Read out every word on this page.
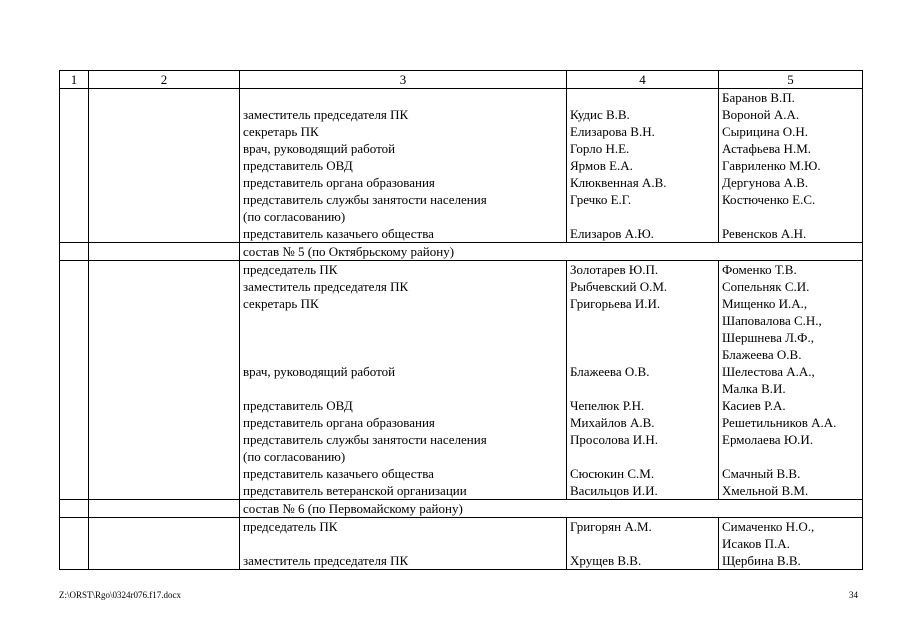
1	2	3	4	5

				Баранов В.П.

		заместитель председателя ПК	Кудис В.В.	Вороной А.А.

		секретарь ПК	Елизарова В.Н.	Сырицина О.Н.

		врач, руководящий работой	Горло Н.Е.	Астафьева Н.М.

		представитель ОВД	Ярмов Е.А.	Гавриленко М.Ю.

		представитель органа образования	Клюквенная А.В.	Дергунова А.В.

		представитель службы занятости населения
(по согласованию)	Гречко Е.Г.	Костюченко Е.С.

		представитель казачьего общества	Елизаров А.Ю.	Ревенсков А.Н.

		состав № 5 (по Октябрьскому району)		

		председатель ПК	Золотарев Ю.П.	Фоменко Т.В.

		заместитель председателя ПК	Рыбчевский О.М.	Сопельняк С.И.

		секретарь ПК	Григорьева И.И.	Мищенко И.А.,
Шаповалова С.Н.,
Шершнева Л.Ф.,
Блажеева О.В.

		врач, руководящий работой	Блажеева О.В.	Шелестова А.А.,
Малка В.И.

		представитель ОВД	Чепелюк Р.Н.	Касиев Р.А.

		представитель органа образования	Михайлов А.В.	Решетильников А.А.

		представитель службы занятости населения
(по согласованию)	Просолова И.Н.	Ермолаева Ю.И.

		представитель казачьего общества	Сюсюкин С.М.	Смачный В.В.

		представитель ветеранской организации	Васильцов И.И.	Хмельной В.М.

		состав № 6 (по Первомайскому району)		

		председатель ПК	Григорян А.М.	Симаченко Н.О.,
Исаков П.А.

		заместитель председателя ПК	Хрущев В.В.	Щербина В.В.
Z:\ORST\Rgo\0324r076.f17.docx	34
